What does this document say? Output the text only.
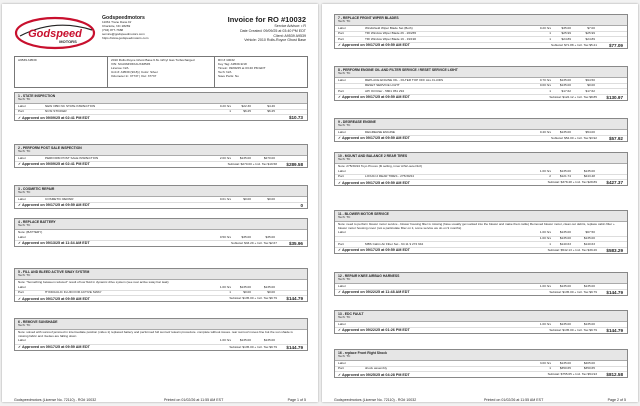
Godspeed
MOTORS
Godspeedmotors
11061 Trane Dane Dr
Charlotte, NC 28269
(704) 877-7688
service@godspeedmotors.com
https://www.godspeedmotors.com
Invoice for RO #10032
Service Advisor: • R
Date Created: 09/09/25 at 03:40 PM EDT
Client: A9539 A9539
Vehicle: 2010 Rolls-Royce Ghost Base
A9539 A9539	2010 Rolls-Royce Ghost Base 6.6L 12Cyl Gas Turbocharged
VIN: SCA664S5XAUX48545
License: N/A
Unit #: A9539 (9/18) | Color: Silver
Odometer In: 37737 | Out: 37737
RO # 10032
Key Tag: A9539-9/18
Timein: 09/09/25 at 03:40 PM EDT
Tech: N/A
Save Parts: No
Godspeedmotors (License No. 72110) - RO# 10032	Printed on 01/02/26 at 11:55 AM EST	Page 1 of 5
1 - STATE INSPECTION
Tech: TC
Labor	NEW OBD NC STATE INSPECTION	0.20 hrs	$22.30	$4.46
Part	NCSI STICKER	1	$6.25	$6.25
✓ Approved on 09/09/25 at 02:41 PM EDT	$10.73
2 - PERFORM POST SALE INSPECTION
Tech: TC
Labor	PERFORM POST SALE INSPECTION	2.00 hrs	$135.00	$270.00
✓ Approved on 09/09/25 at 02:41 PM EDT	Subtotal: $270.00 + Incl. Tax $19.58 $289.58
3 - COSMETIC REPAIR
Tech: TC
Labor	COSMETIC REPAIR	0.01 hrs	$0.00	$0.00
✓ Approved on 09/17/25 at 09:59 AM EDT	0
4 - REPLACE BATTERY
Tech: TC
Note: (BATTERY)
Labor	0.50 hrs	$35.00	$35.00
✓ Approved on 09/13/25 at 11:34 AM EDT	Subtotal: $33.29 + Incl. Tax $2.67	$35.96
5 - FILL AND BLEED ACTIVE SWAY SYSTEM
Tech: TC
Note: "Something between reduced" result of low fluid in dynamic drive system (see rear active sway bar leak)
Labor	1.00 hrs	$135.00	$135.00
Part	HYDRAULIC FLUID FOR ACTIVE SWAY	1	$0.00	$0.00
✓ Approved on 09/17/25 at 09:59 AM EDT	Subtotal: $135.00 + Incl. Tax $9.79 $144.79
6 - REMOVE SUNSHADE
Tech: TC
Note: solved with sunroof jammed in intermediate position (video 1) replaced battery and performed full sunroof relearn procedure. complete without issues. rear sunroof moves fine but the sun shade is missing fabric and rivettes are falling down
Labor	1.00 hrs	$135.00	$135.00
✓ Approved on 09/17/25 at 09:59 AM EDT	Subtotal: $135.00 + Incl. Tax $9.79 $144.79
Godspeedmotors (License No. 72110) - RO# 10032	Printed on 01/02/26 at 11:55 AM EST	Page 2 of 5
7 - REPLACE FRONT WIPER BLADES
Tech: TC
Labor	Windshield Wiper Blade Set (Both)	0.20 hrs	$35.00	$7.00
Part	TRI Window Wiper Blade 26 - 26/265	1	$25.99	$25.99
Part	TRI Window Wiper Blade 19 - 19/190	1	$24.89	$24.89
✓ Approved on 09/17/25 at 09:59 AM EDT	Subtotal: $71.88 + Incl. Tax $5.21	$77.09
8 - PERFORM ENGINE OIL AND FILTER SERVICE / RESET SERVICE LIGHT
Tech: TC
Labor	REPLACE ENGINE OIL - FILTER TOP OFF ALL FLUIDS	0.70 hrs	$135.00	$94.50
RESET SERVICE LIGHT	0.00 hrs	$135.00	$0.00
Part	API Oil Filter - 5801 051 294	1	$17.62	$17.62
✓ Approved on 09/17/25 at 09:59 AM EDT	Subtotal: $122.12 + Incl. Tax $8.85 $130.97
9 - DEGREASE ENGINE
Tech: TC
Labor	DEGREASE ENGINE	0.40 hrs	$135.00	$54.00
✓ Approved on 09/17/25 at 09:59 AM EDT	Subtotal: $54.00 + Incl. Tax $3.92	$57.92
10 - MOUNT AND BALANCE 2 REAR TIRES
Tech: TC
Note: 275/30/24 Toyo Proxes (fit selling, inner A/S2-outer/1/2)
Labor	1.00 hrs	$135.00	$135.00
Part	LOXAN 2 REAR TIRES - 275/30/24	2	$121.74	$243.48
✓ Approved on 09/17/25 at 09:59 AM EDT	Subtotal: $378.48 + Incl. Tax $28.89 $427.37
11 - BLOWER MOTOR SERVICE
Tech: TC
Note: need to perform blower motor service - blower housing filter is missing (have usually get sucked into the blower and make them rattle) Removed blower motor, clean out debris, replace cabin filter + blower motor housing cover (not a particulate filter on it, some service we do on 9 months)
Labor	1.00 hrs	$135.00	$67.50
1.00 hrs	$135.00	$135.00
Part	MBS Cabin Air Filter Set - 64 11 9 272 642	1	$140.63	$140.63
✓ Approved on 09/17/25 at 09:59 AM EDT	Subtotal: $542.13 + Incl. Tax $39.26 $583.29
12 - REPAIR KNEE AIRBAG HARNESS
Tech: TC
Labor	1.00 hrs	$135.00	$135.00
✓ Approved on 09/22/25 at 11:48 AM EDT	Subtotal: $135.00 + Incl. Tax $9.79 $144.79
13 - EDC FAULT
Tech: TC
Labor	1.00 hrs	$135.00	$135.00
✓ Approved on 09/22/25 at 01:26 PM EDT	Subtotal: $135.00 + Incl. Tax $9.79 $144.79
16 - replace Front Right Shock
Tech: TC
Labor	3.00 hrs	$135.00	$405.00
Part	shock assembly	1	$350.65	$350.65
✓ Approved on 09/25/25 at 04:28 PM EDT	Subtotal: $755.65 + Incl. Tax $54.93 $812.58
